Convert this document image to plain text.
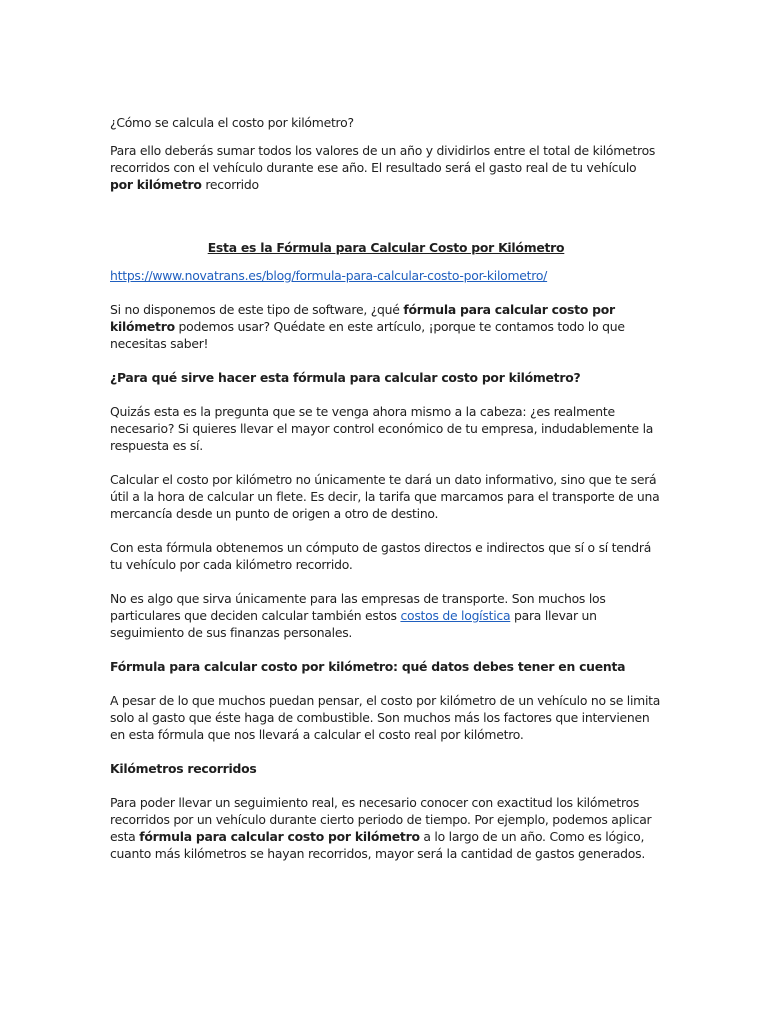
¿Cómo se calcula el costo por kilómetro?

Para ello deberás sumar todos los valores de un año y dividirlos entre el total de kilómetros recorridos con el vehículo durante ese año. El resultado será el gasto real de tu vehículo por kilómetro recorrido

Esta es la Fórmula para Calcular Costo por Kilómetro

https://www.novatrans.es/blog/formula-para-calcular-costo-por-kilometro/

Si no disponemos de este tipo de software, ¿qué fórmula para calcular costo por kilómetro podemos usar? Quédate en este artículo, ¡porque te contamos todo lo que necesitas saber!

¿Para qué sirve hacer esta fórmula para calcular costo por kilómetro?

Quizás esta es la pregunta que se te venga ahora mismo a la cabeza: ¿es realmente necesario? Si quieres llevar el mayor control económico de tu empresa, indudablemente la respuesta es sí.

Calcular el costo por kilómetro no únicamente te dará un dato informativo, sino que te será útil a la hora de calcular un flete. Es decir, la tarifa que marcamos para el transporte de una mercancía desde un punto de origen a otro de destino.

Con esta fórmula obtenemos un cómputo de gastos directos e indirectos que sí o sí tendrá tu vehículo por cada kilómetro recorrido.

No es algo que sirva únicamente para las empresas de transporte. Son muchos los particulares que deciden calcular también estos costos de logística para llevar un seguimiento de sus finanzas personales.

Fórmula para calcular costo por kilómetro: qué datos debes tener en cuenta

A pesar de lo que muchos puedan pensar, el costo por kilómetro de un vehículo no se limita solo al gasto que éste haga de combustible. Son muchos más los factores que intervienen en esta fórmula que nos llevará a calcular el costo real por kilómetro.

Kilómetros recorridos

Para poder llevar un seguimiento real, es necesario conocer con exactitud los kilómetros recorridos por un vehículo durante cierto periodo de tiempo. Por ejemplo, podemos aplicar esta fórmula para calcular costo por kilómetro a lo largo de un año. Como es lógico, cuanto más kilómetros se hayan recorridos, mayor será la cantidad de gastos generados.
